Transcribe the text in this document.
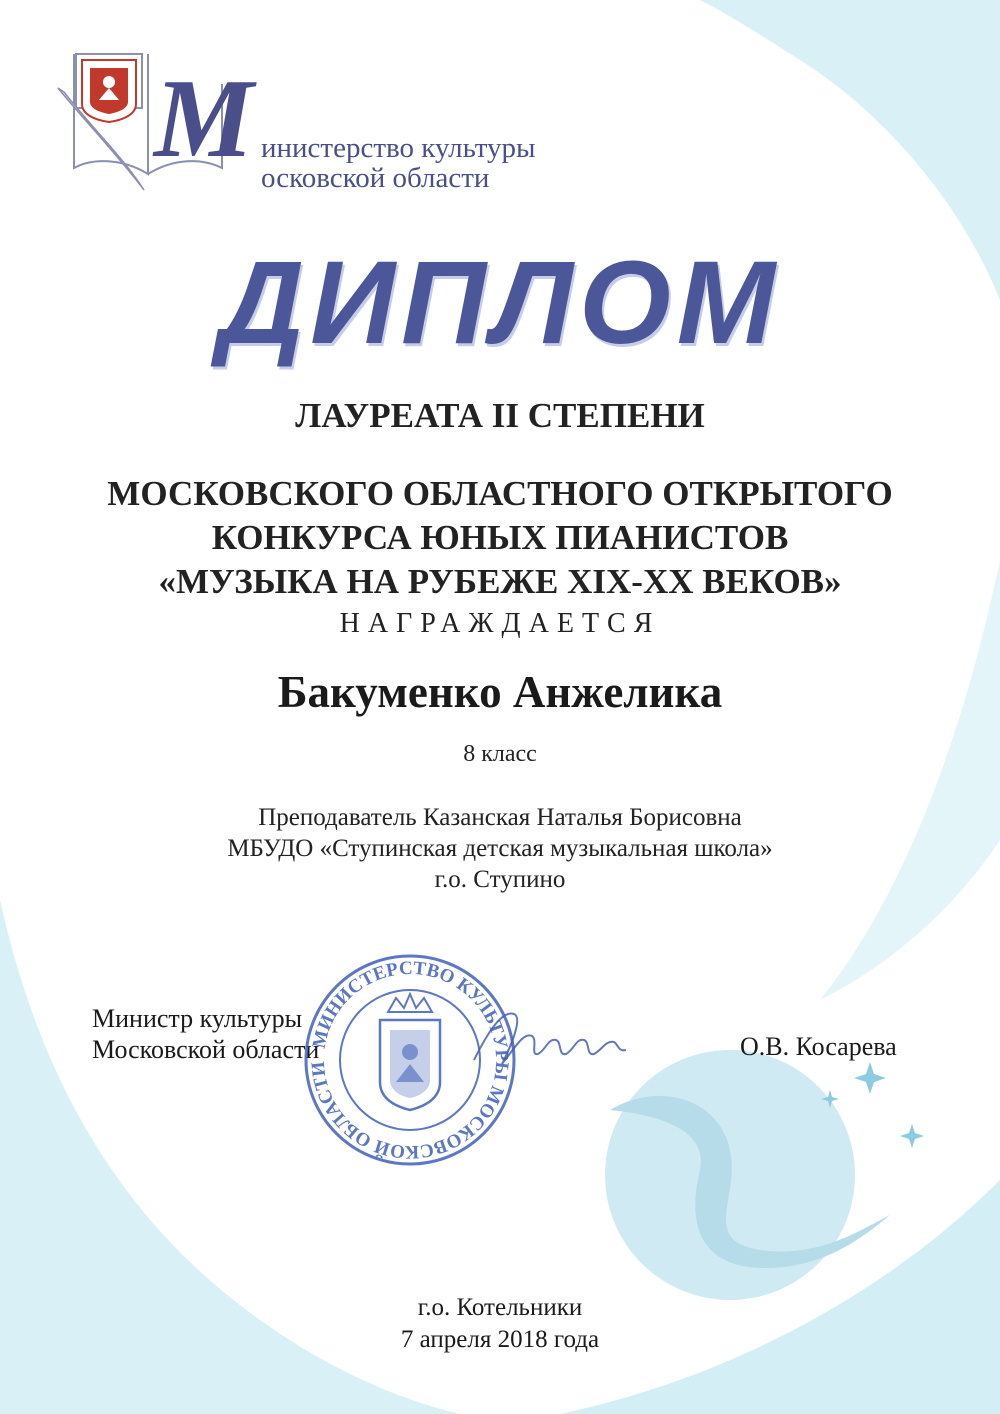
М инистерство культуры
осковской области
ДИПЛОМ
ЛАУРЕАТА II СТЕПЕНИ
МОСКОВСКОГО ОБЛАСТНОГО ОТКРЫТОГО
КОНКУРСА ЮНЫХ ПИАНИСТОВ
«МУЗЫКА НА РУБЕЖЕ XIX-XX ВЕКОВ»
НАГРАЖДАЕТСЯ
Бакуменко Анжелика
8 класс
Преподаватель Казанская Наталья Борисовна
МБУДО «Ступинская детская музыкальная школа»
г.о. Ступино
Министр культуры
Московской области
МИНИСТЕРСТВО КУЛЬТУРЫ МОСКОВСКОЙ ОБЛАСТИ
О.В. Косарева
г.о. Котельники
7 апреля 2018 года
